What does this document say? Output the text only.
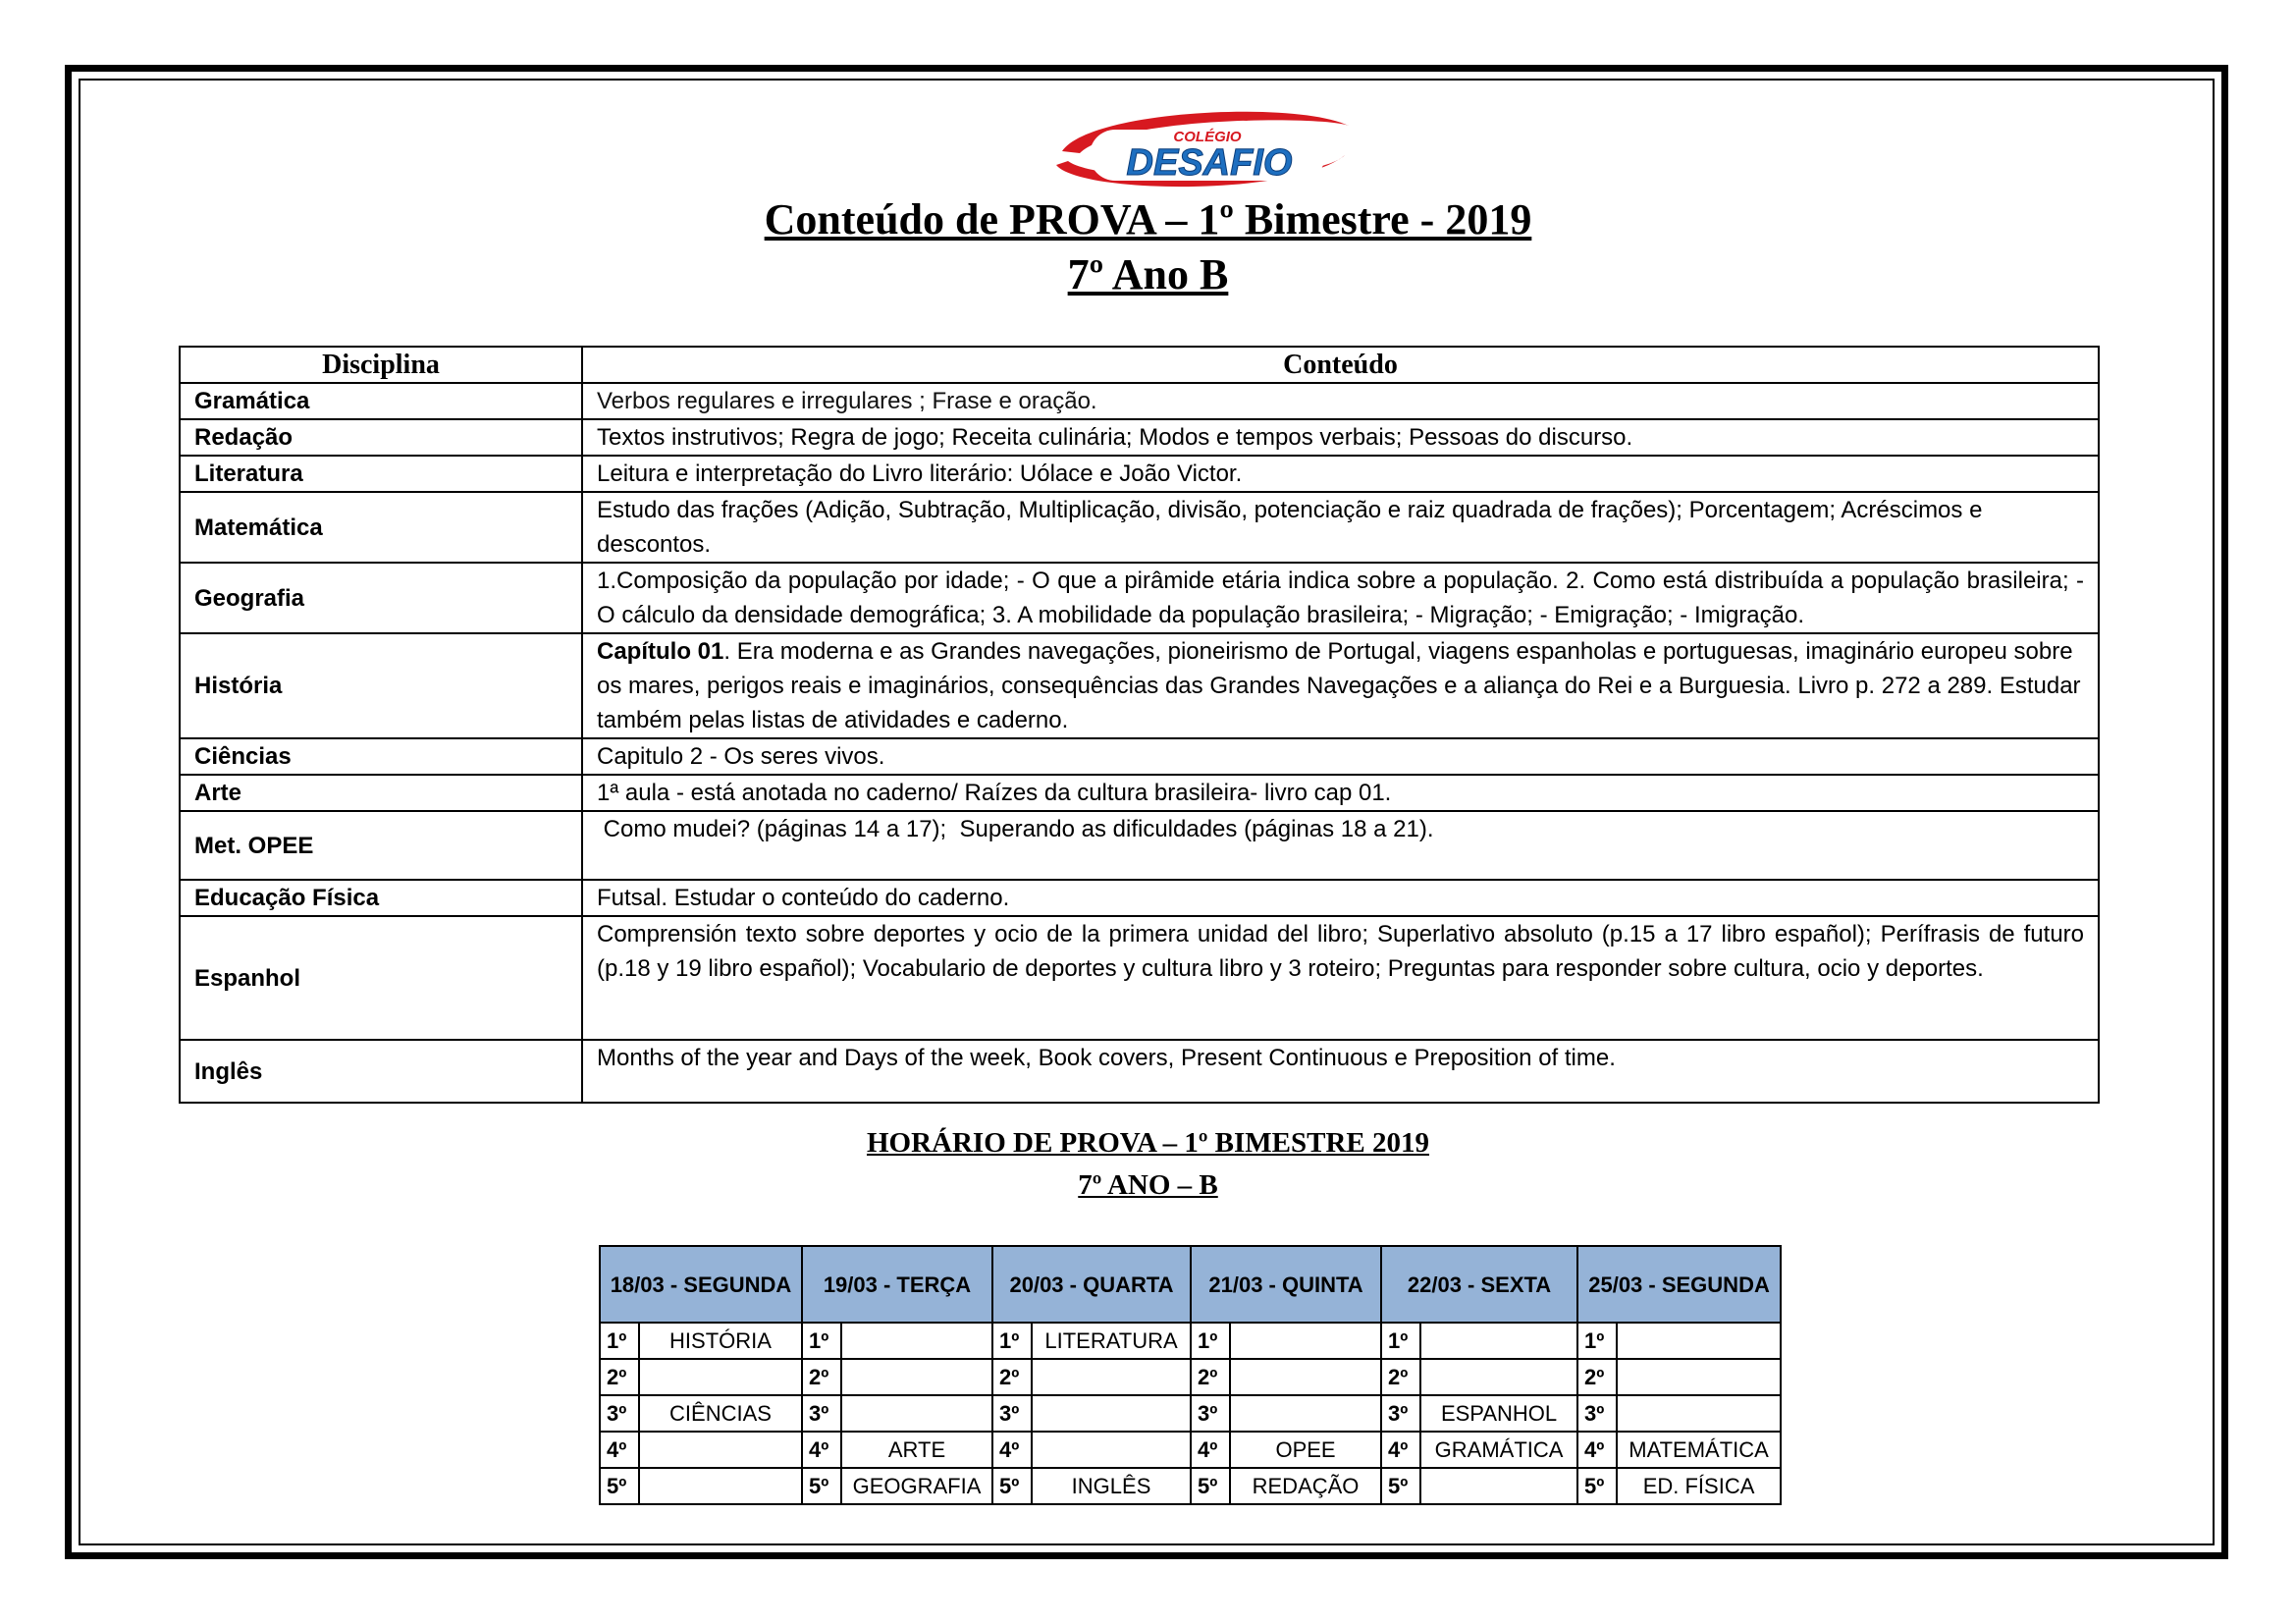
COLÉGIO
DESAFIO
Conteúdo de PROVA – 1º Bimestre - 2019
7º Ano B
Disciplina	Conteúdo
Gramática	Verbos regulares e irregulares ; Frase e oração.
Redação	Textos instrutivos; Regra de jogo; Receita culinária; Modos e tempos verbais; Pessoas do discurso.
Literatura	Leitura e interpretação do Livro literário: Uólace e João Victor.
Matemática	Estudo das frações (Adição, Subtração, Multiplicação, divisão, potenciação e raiz quadrada de frações); Porcentagem; Acréscimos e descontos.
Geografia	1.Composição da população por idade; - O que a pirâmide etária indica sobre a população. 2. Como está distribuída a população brasileira; - O cálculo da densidade demográfica; 3. A mobilidade da população brasileira; - Migração; - Emigração; - Imigração.
História	Capítulo 01. Era moderna e as Grandes navegações, pioneirismo de Portugal, viagens espanholas e portuguesas, imaginário europeu sobre os mares, perigos reais e imaginários, consequências das Grandes Navegações e a aliança do Rei e a Burguesia. Livro p. 272 a 289. Estudar também pelas listas de atividades e caderno.
Ciências	Capitulo 2 - Os seres vivos.
Arte	1ª aula - está anotada no caderno/ Raízes da cultura brasileira- livro cap 01.
Met. OPEE	Como mudei? (páginas 14 a 17);  Superando as dificuldades (páginas 18 a 21).
Educação Física	Futsal. Estudar o conteúdo do caderno.
Espanhol	Comprensión texto sobre deportes y ocio de la primera unidad del libro; Superlativo absoluto (p.15 a 17 libro español); Perífrasis de futuro (p.18 y 19 libro español); Vocabulario de deportes y cultura libro y 3 roteiro; Preguntas para responder sobre cultura, ocio y deportes.
Inglês	Months of the year and Days of the week, Book covers, Present Continuous e Preposition of time.
HORÁRIO DE PROVA – 1º BIMESTRE 2019
7º ANO – B
18/03 - SEGUNDA		19/03 - TERÇA		20/03 - QUARTA		21/03 - QUINTA		22/03 - SEXTA		25/03 - SEGUNDA	
1º	HISTÓRIA	1º		1º	LITERATURA	1º		1º		1º	
2º		2º		2º		2º		2º		2º	
3º	CIÊNCIAS	3º		3º		3º		3º	ESPANHOL	3º	
4º		4º	ARTE	4º		4º	OPEE	4º	GRAMÁTICA	4º	MATEMÁTICA
5º		5º	GEOGRAFIA	5º	INGLÊS	5º	REDAÇÃO	5º		5º	ED. FÍSICA
